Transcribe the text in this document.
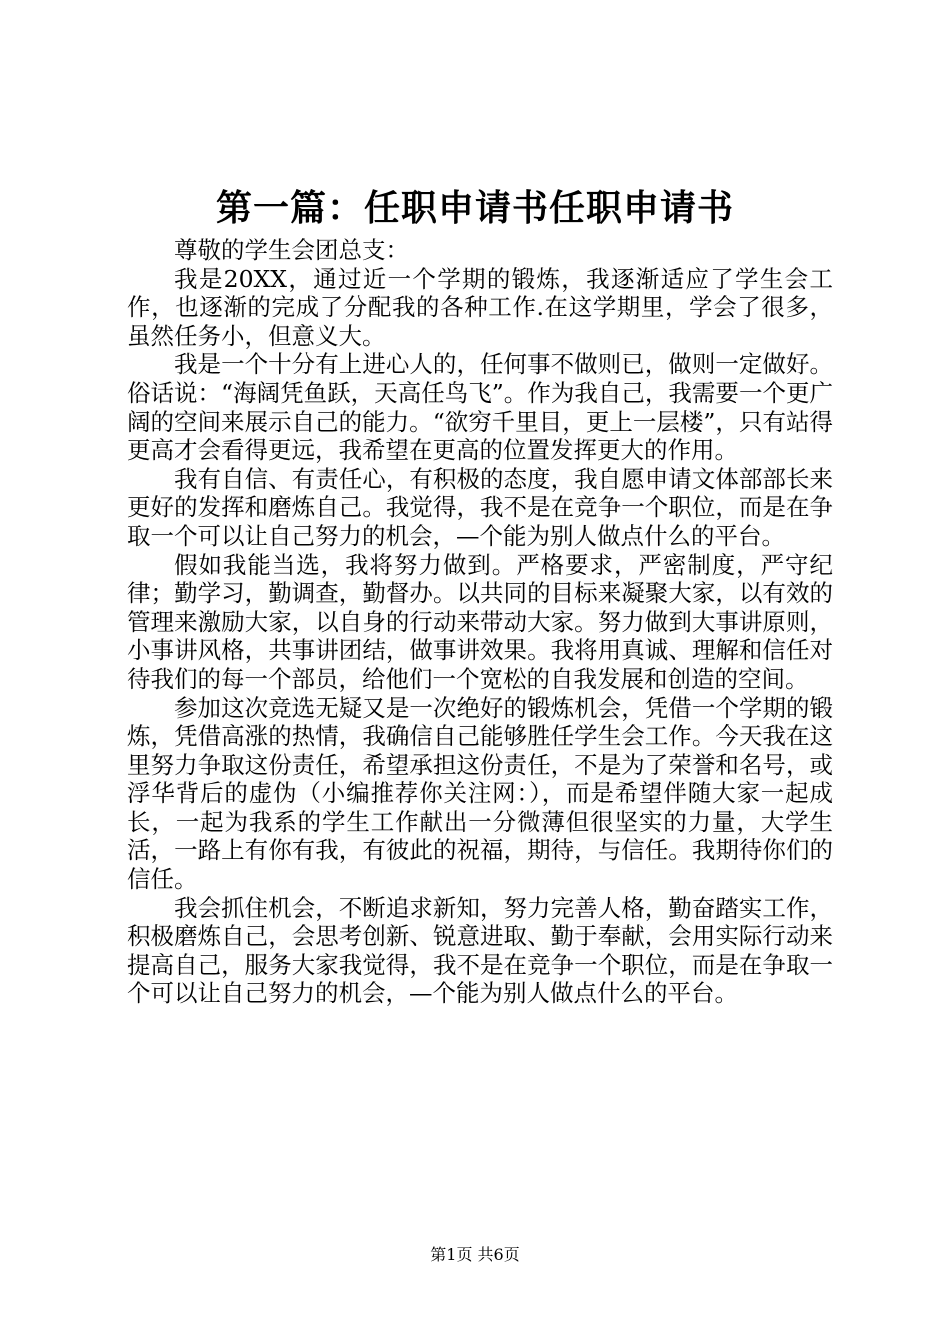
第一篇：任职申请书任职申请书

尊敬的学生会团总支：

我是20XX，通过近一个学期的锻炼，我逐渐适应了学生会工作，也逐渐的完成了分配我的各种工作.在这学期里，学会了很多，虽然任务小，但意义大。

我是一个十分有上进心人的，任何事不做则已，做则一定做好。俗话说：“海阔凭鱼跃，天高任鸟飞”。作为我自己，我需要一个更广阔的空间来展示自己的能力。“欲穷千里目，更上一层楼”，只有站得更高才会看得更远，我希望在更高的位置发挥更大的作用。

我有自信、有责任心，有积极的态度，我自愿申请文体部部长来更好的发挥和磨炼自己。我觉得，我不是在竞争一个职位，而是在争取一个可以让自己努力的机会，—个能为别人做点什么的平台。

假如我能当选，我将努力做到。严格要求，严密制度，严守纪律；勤学习，勤调查，勤督办。以共同的目标来凝聚大家，以有效的管理来激励大家，以自身的行动来带动大家。努力做到大事讲原则，小事讲风格，共事讲团结，做事讲效果。我将用真诚、理解和信任对待我们的每一个部员，给他们一个宽松的自我发展和创造的空间。

参加这次竞选无疑又是一次绝好的锻炼机会，凭借一个学期的锻炼，凭借高涨的热情，我确信自己能够胜任学生会工作。今天我在这里努力争取这份责任，希望承担这份责任，不是为了荣誉和名号，或浮华背后的虚伪（小编推荐你关注网：），而是希望伴随大家一起成长，一起为我系的学生工作献出一分微薄但很坚实的力量，大学生活，一路上有你有我，有彼此的祝福，期待，与信任。我期待你们的信任。

我会抓住机会，不断追求新知，努力完善人格，勤奋踏实工作，积极磨炼自己，会思考创新、锐意进取、勤于奉献，会用实际行动来提高自己，服务大家我觉得，我不是在竞争一个职位，而是在争取一个可以让自己努力的机会，—个能为别人做点什么的平台。

第1页 共6页
